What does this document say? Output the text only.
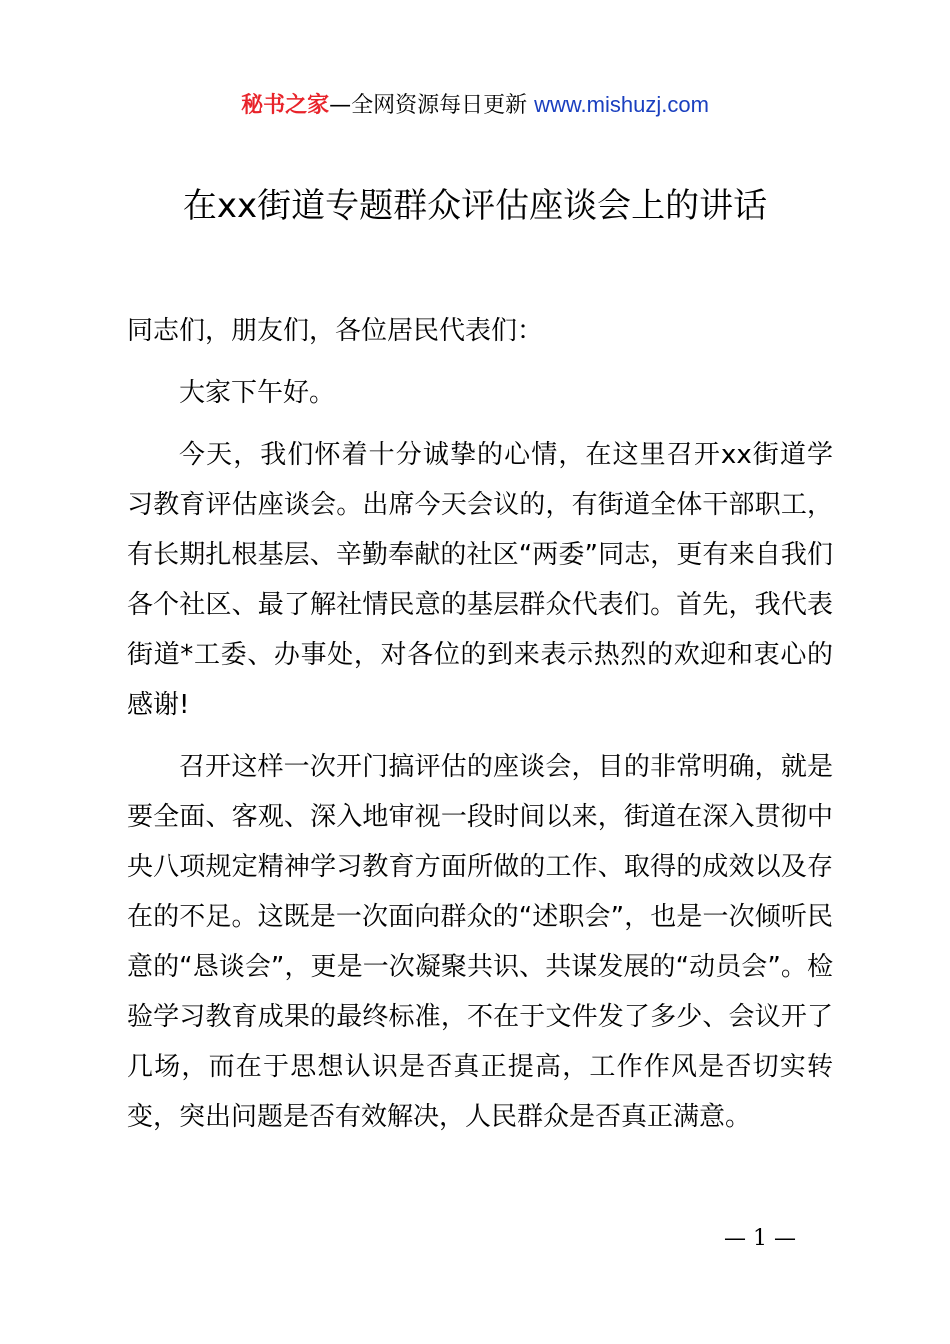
秘书之家—全网资源每日更新 www.mishuzj.com
在xx街道专题群众评估座谈会上的讲话

同志们，朋友们，各位居民代表们：

大家下午好。

今天，我们怀着十分诚挚的心情，在这里召开xx街道学习教育评估座谈会。出席今天会议的，有街道全体干部职工，有长期扎根基层、辛勤奉献的社区“两委”同志，更有来自我们各个社区、最了解社情民意的基层群众代表们。首先，我代表街道*工委、办事处，对各位的到来表示热烈的欢迎和衷心的感谢!

召开这样一次开门搞评估的座谈会，目的非常明确，就是要全面、客观、深入地审视一段时间以来，街道在深入贯彻中央八项规定精神学习教育方面所做的工作、取得的成效以及存在的不足。这既是一次面向群众的“述职会”，也是一次倾听民意的“恳谈会”，更是一次凝聚共识、共谋发展的“动员会”。检验学习教育成果的最终标准，不在于文件发了多少、会议开了几场，而在于思想认识是否真正提高，工作作风是否切实转变，突出问题是否有效解决，人民群众是否真正满意。

— 1 —
